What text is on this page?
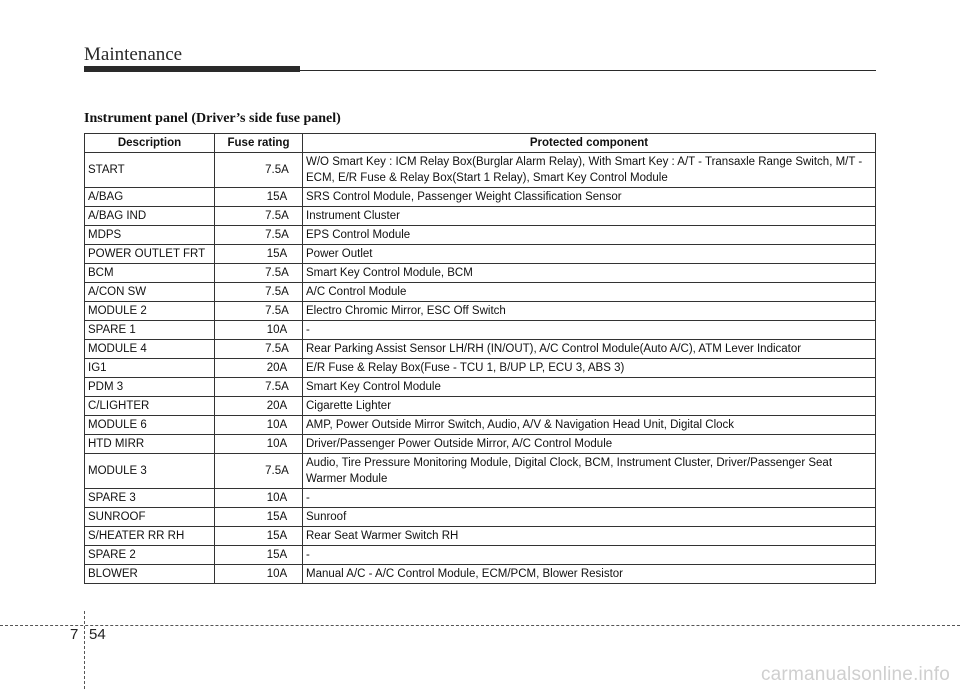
Maintenance
Instrument panel (Driver’s side fuse panel)
Description	Fuse rating	Protected component
START	7.5A	W/O Smart Key : ICM Relay Box(Burglar Alarm Relay), With Smart Key : A/T - Transaxle Range Switch, M/T - ECM, E/R Fuse & Relay Box(Start 1 Relay), Smart Key Control Module
A/BAG	15A	SRS Control Module, Passenger Weight Classification Sensor
A/BAG IND	7.5A	Instrument Cluster
MDPS	7.5A	EPS Control Module
POWER OUTLET FRT	15A	Power Outlet
BCM	7.5A	Smart Key Control Module, BCM
A/CON SW	7.5A	A/C Control Module
MODULE 2	7.5A	Electro Chromic Mirror, ESC Off Switch
SPARE 1	10A	-
MODULE 4	7.5A	Rear Parking Assist Sensor LH/RH (IN/OUT), A/C Control Module(Auto A/C), ATM Lever Indicator
IG1	20A	E/R Fuse & Relay Box(Fuse - TCU 1, B/UP LP, ECU 3, ABS 3)
PDM 3	7.5A	Smart Key Control Module
C/LIGHTER	20A	Cigarette Lighter
MODULE 6	10A	AMP, Power Outside Mirror Switch, Audio, A/V & Navigation Head Unit, Digital Clock
HTD MIRR	10A	Driver/Passenger Power Outside Mirror, A/C Control Module
MODULE 3	7.5A	Audio, Tire Pressure Monitoring Module, Digital Clock, BCM, Instrument Cluster, Driver/Passenger Seat Warmer Module
SPARE 3	10A	-
SUNROOF	15A	Sunroof
S/HEATER RR RH	15A	Rear Seat Warmer Switch RH
SPARE 2	15A	-
BLOWER	10A	Manual A/C - A/C Control Module, ECM/PCM, Blower Resistor
7 54
carmanualsonline.info
